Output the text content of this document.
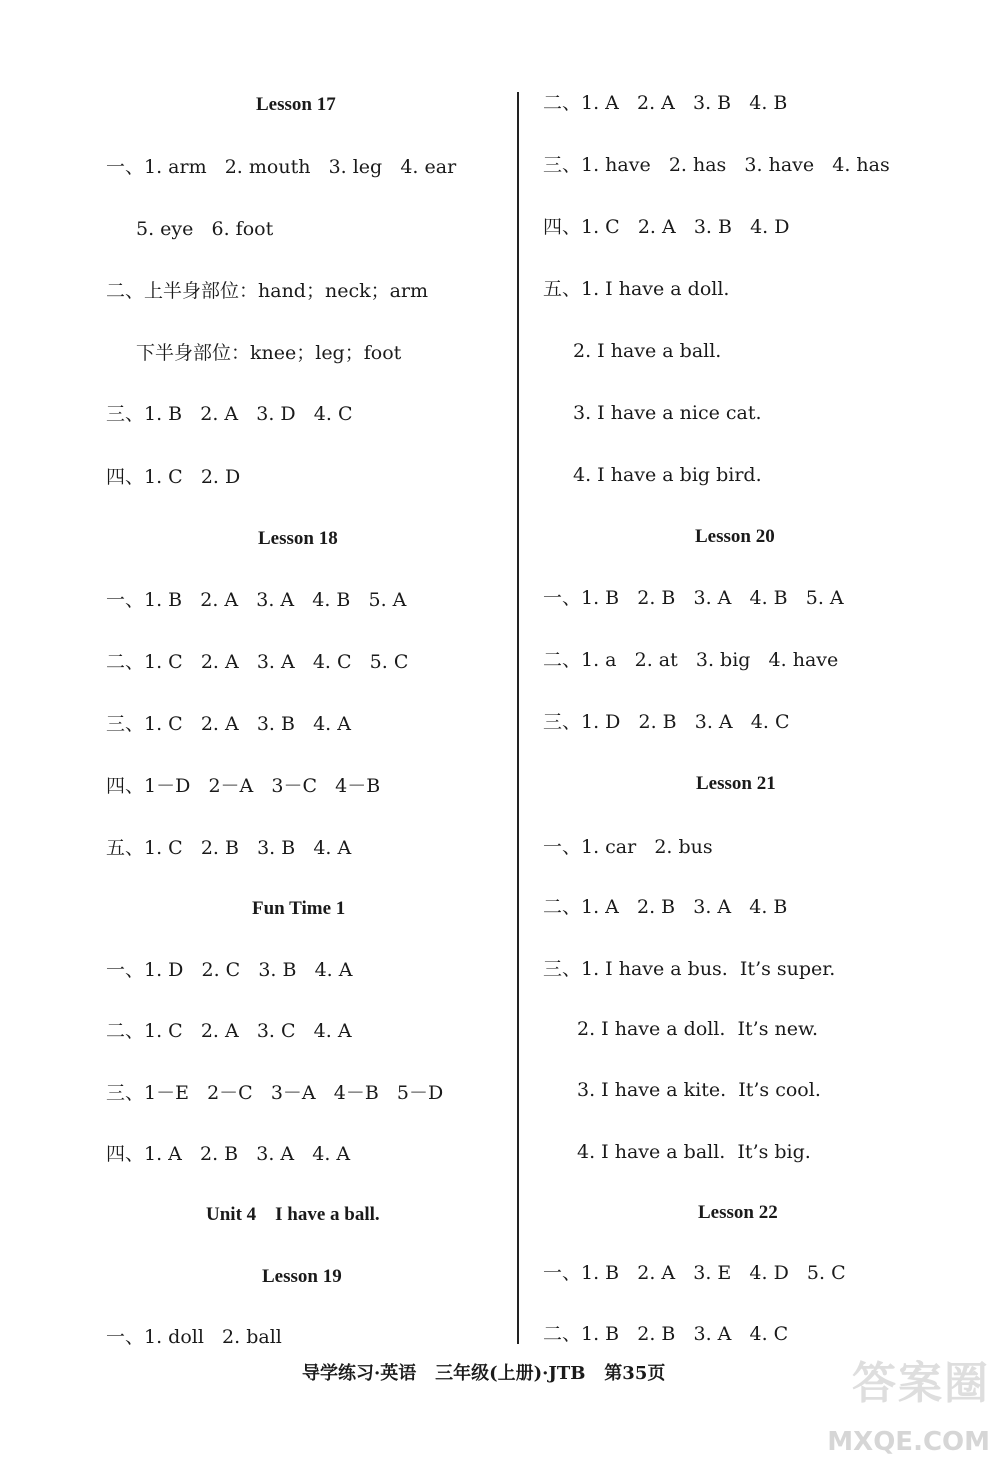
Lesson 17
一、1. arm   2. mouth   3. leg   4. ear
5. eye   6. foot
二、上半身部位：hand；neck；arm
下半身部位：knee；leg；foot
三、1. B   2. A   3. D   4. C
四、1. C   2. D
Lesson 18
一、1. B   2. A   3. A   4. B   5. A
二、1. C   2. A   3. A   4. C   5. C
三、1. C   2. A   3. B   4. A
四、1－D   2－A   3－C   4－B
五、1. C   2. B   3. B   4. A
Fun Time 1
一、1. D   2. C   3. B   4. A
二、1. C   2. A   3. C   4. A
三、1－E   2－C   3－A   4－B   5－D
四、1. A   2. B   3. A   4. A
Unit 4    I have a ball.
Lesson 19
一、1. doll   2. ball
二、1. A   2. A   3. B   4. B
三、1. have   2. has   3. have   4. has
四、1. C   2. A   3. B   4. D
五、1. I have a doll.
2. I have a ball.
3. I have a nice cat.
4. I have a big bird.
Lesson 20
一、1. B   2. B   3. A   4. B   5. A
二、1. a   2. at   3. big   4. have
三、1. D   2. B   3. A   4. C
Lesson 21
一、1. car   2. bus
二、1. A   2. B   3. A   4. B
三、1. I have a bus.  It’s super.
2. I have a doll.  It’s new.
3. I have a kite.  It’s cool.
4. I have a ball.  It’s big.
Lesson 22
一、1. B   2. A   3. E   4. D   5. C
二、1. B   2. B   3. A   4. C
导学练习·英语   三年级(上册)·JTB   第35页	答案圈
MXQE.COM
